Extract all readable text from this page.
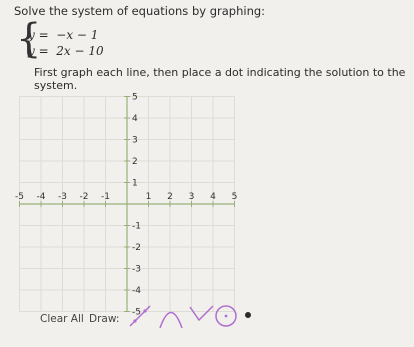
Solve the system of equations by graphing:
{
y =  −x − 1
y =  2x − 10
First graph each line, then place a dot indicating the solution to the system.
-5 -4 -3 -2 -1	1 2 3 4 5
5
4
3
2
1
-1
-2
-3
-4
-5
Clear All Draw:
